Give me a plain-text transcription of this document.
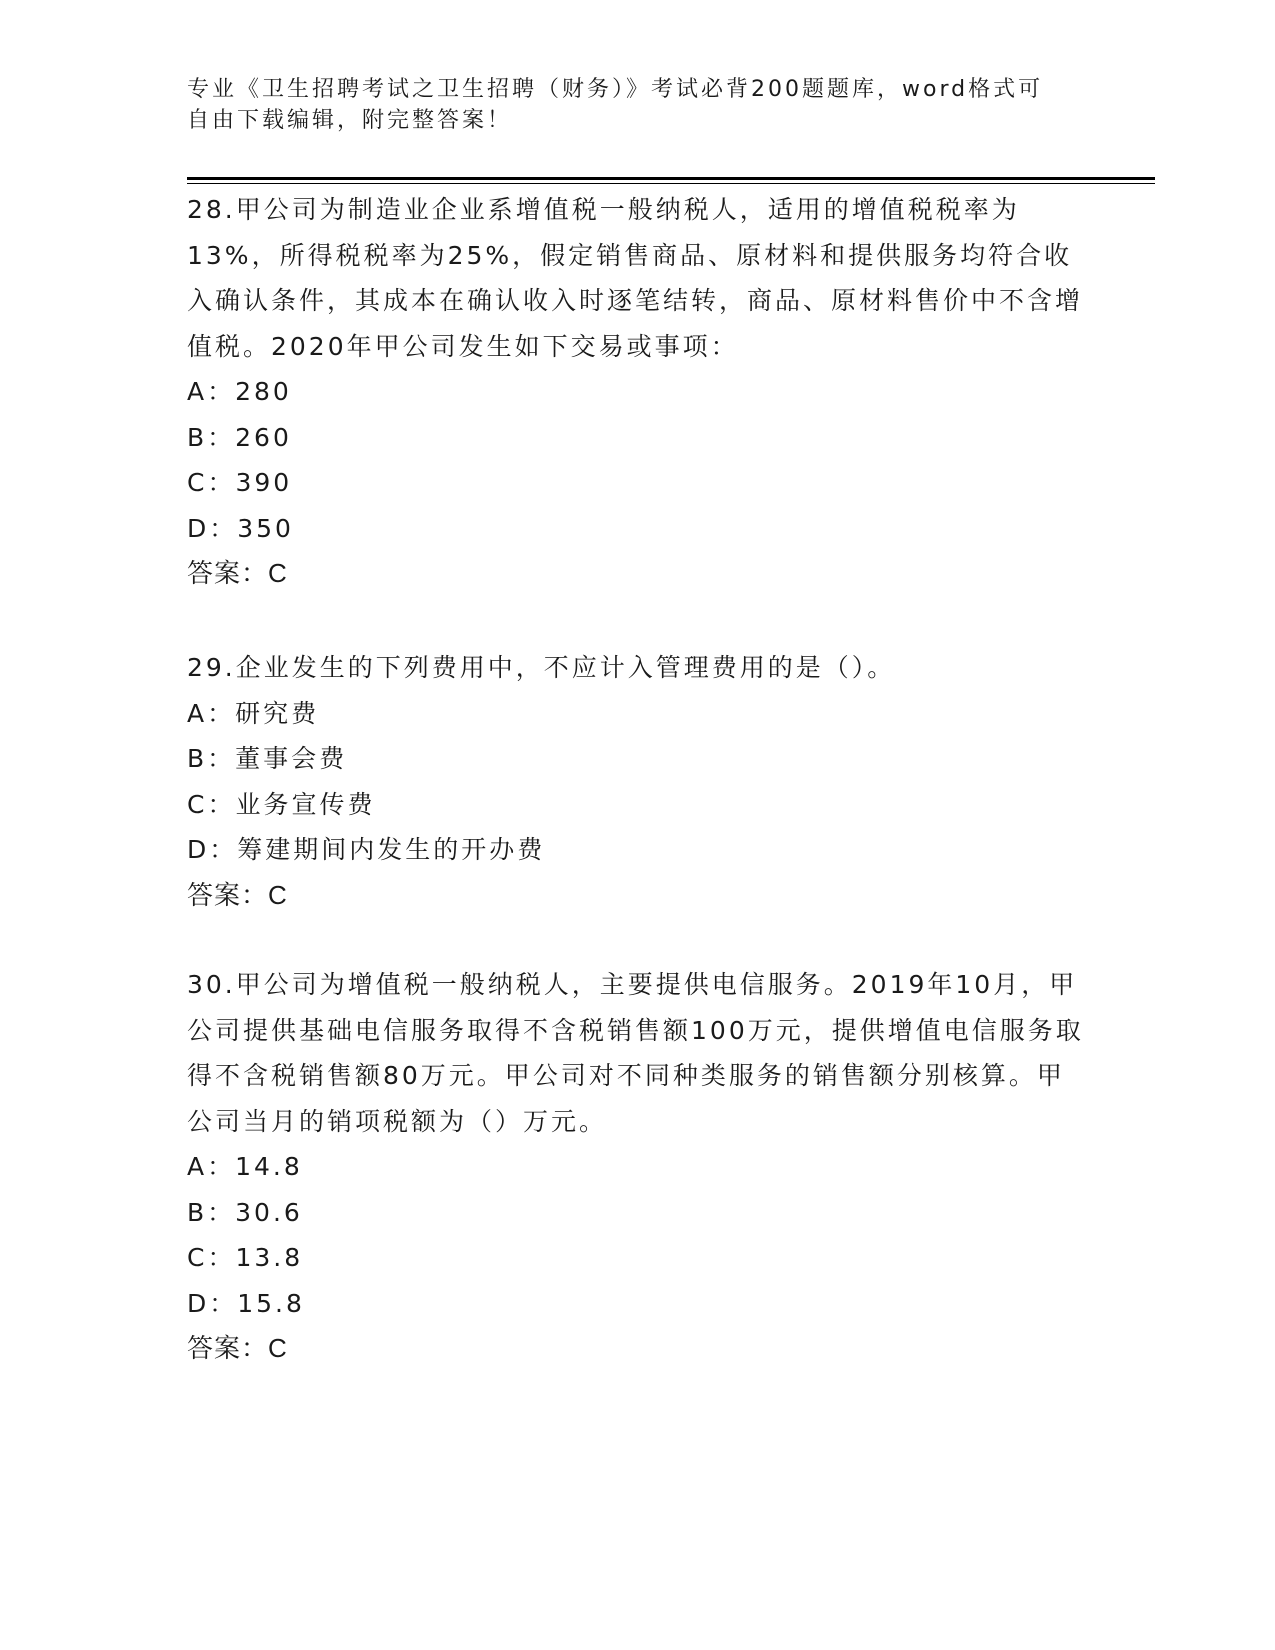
专业《卫生招聘考试之卫生招聘（财务）》考试必背200题题库，word格式可自由下载编辑，附完整答案！
28.甲公司为制造业企业系增值税一般纳税人，适用的增值税税率为13%，所得税税率为25%，假定销售商品、原材料和提供服务均符合收入确认条件，其成本在确认收入时逐笔结转，商品、原材料售价中不含增值税。2020年甲公司发生如下交易或事项：
A：280
B：260
C：390
D：350
答案：C
29.企业发生的下列费用中，不应计入管理费用的是（）。
A：研究费
B：董事会费
C：业务宣传费
D：筹建期间内发生的开办费
答案：C
30.甲公司为增值税一般纳税人，主要提供电信服务。2019年10月，甲公司提供基础电信服务取得不含税销售额100万元，提供增值电信服务取得不含税销售额80万元。甲公司对不同种类服务的销售额分别核算。甲公司当月的销项税额为（）万元。
A：14.8
B：30.6
C：13.8
D：15.8
答案：C
